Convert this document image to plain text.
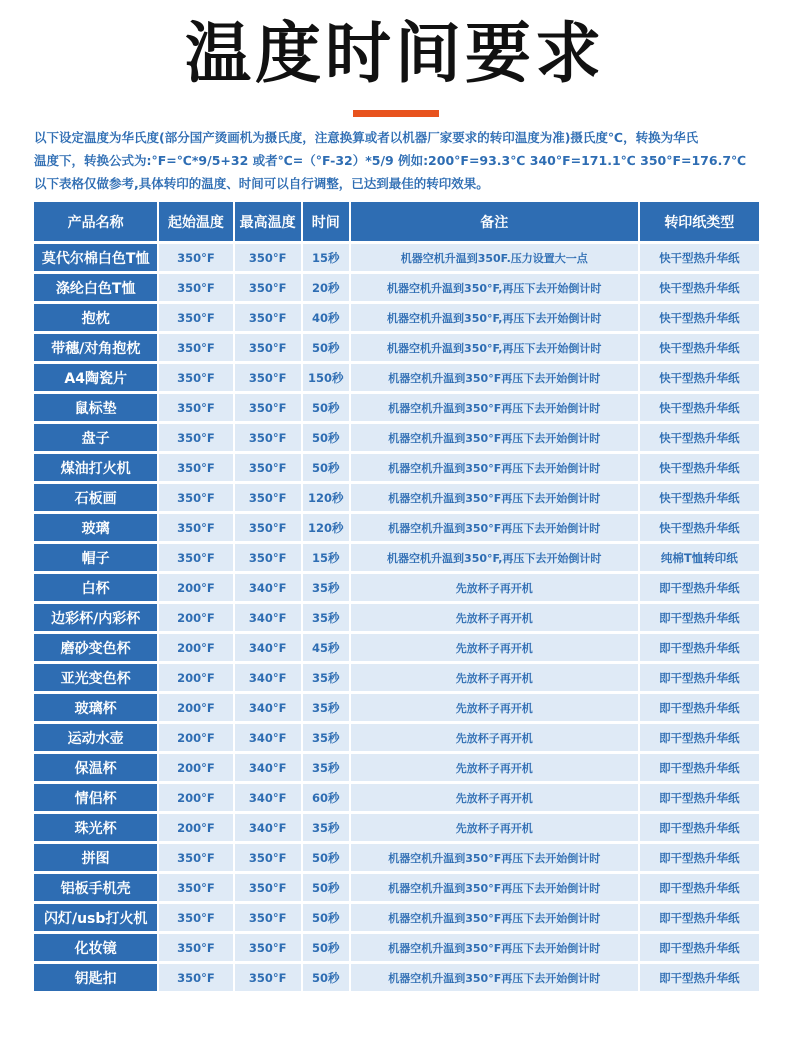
温度时间要求
以下设定温度为华氏度(部分国产烫画机为摄氏度，注意换算或者以机器厂家要求的转印温度为准)摄氏度℃，转换为华氏
温度下，转换公式为:°F=℃*9/5+32 或者℃=（°F-32）*5/9 例如:200°F=93.3℃ 340°F=171.1℃ 350°F=176.7℃
以下表格仅做参考,具体转印的温度、时间可以自行调整，已达到最佳的转印效果。
产品名称	起始温度	最高温度	时间	备注	转印纸类型
莫代尔棉白色T恤	350°F	350°F	15秒	机器空机升温到350F.压力设置大一点	快干型热升华纸
涤纶白色T恤	350°F	350°F	20秒	机器空机升温到350°F,再压下去开始倒计时	快干型热升华纸
抱枕	350°F	350°F	40秒	机器空机升温到350°F,再压下去开始倒计时	快干型热升华纸
带穗/对角抱枕	350°F	350°F	50秒	机器空机升温到350°F,再压下去开始倒计时	快干型热升华纸
A4陶瓷片	350°F	350°F	150秒	机器空机升温到350°F再压下去开始倒计时	快干型热升华纸
鼠标垫	350°F	350°F	50秒	机器空机升温到350°F再压下去开始倒计时	快干型热升华纸
盘子	350°F	350°F	50秒	机器空机升温到350°F再压下去开始倒计时	快干型热升华纸
煤油打火机	350°F	350°F	50秒	机器空机升温到350°F再压下去开始倒计时	快干型热升华纸
石板画	350°F	350°F	120秒	机器空机升温到350°F再压下去开始倒计时	快干型热升华纸
玻璃	350°F	350°F	120秒	机器空机升温到350°F再压下去开始倒计时	快干型热升华纸
帽子	350°F	350°F	15秒	机器空机升温到350°F,再压下去开始倒计时	纯棉T恤转印纸
白杯	200°F	340°F	35秒	先放杯子再开机	即干型热升华纸
边彩杯/内彩杯	200°F	340°F	35秒	先放杯子再开机	即干型热升华纸
磨砂变色杯	200°F	340°F	45秒	先放杯子再开机	即干型热升华纸
亚光变色杯	200°F	340°F	35秒	先放杯子再开机	即干型热升华纸
玻璃杯	200°F	340°F	35秒	先放杯子再开机	即干型热升华纸
运动水壶	200°F	340°F	35秒	先放杯子再开机	即干型热升华纸
保温杯	200°F	340°F	35秒	先放杯子再开机	即干型热升华纸
情侣杯	200°F	340°F	60秒	先放杯子再开机	即干型热升华纸
珠光杯	200°F	340°F	35秒	先放杯子再开机	即干型热升华纸
拼图	350°F	350°F	50秒	机器空机升温到350°F再压下去开始倒计时	即干型热升华纸
铝板手机壳	350°F	350°F	50秒	机器空机升温到350°F再压下去开始倒计时	即干型热升华纸
闪灯/usb打火机	350°F	350°F	50秒	机器空机升温到350°F再压下去开始倒计时	即干型热升华纸
化妆镜	350°F	350°F	50秒	机器空机升温到350°F再压下去开始倒计时	即干型热升华纸
钥匙扣	350°F	350°F	50秒	机器空机升温到350°F再压下去开始倒计时	即干型热升华纸
